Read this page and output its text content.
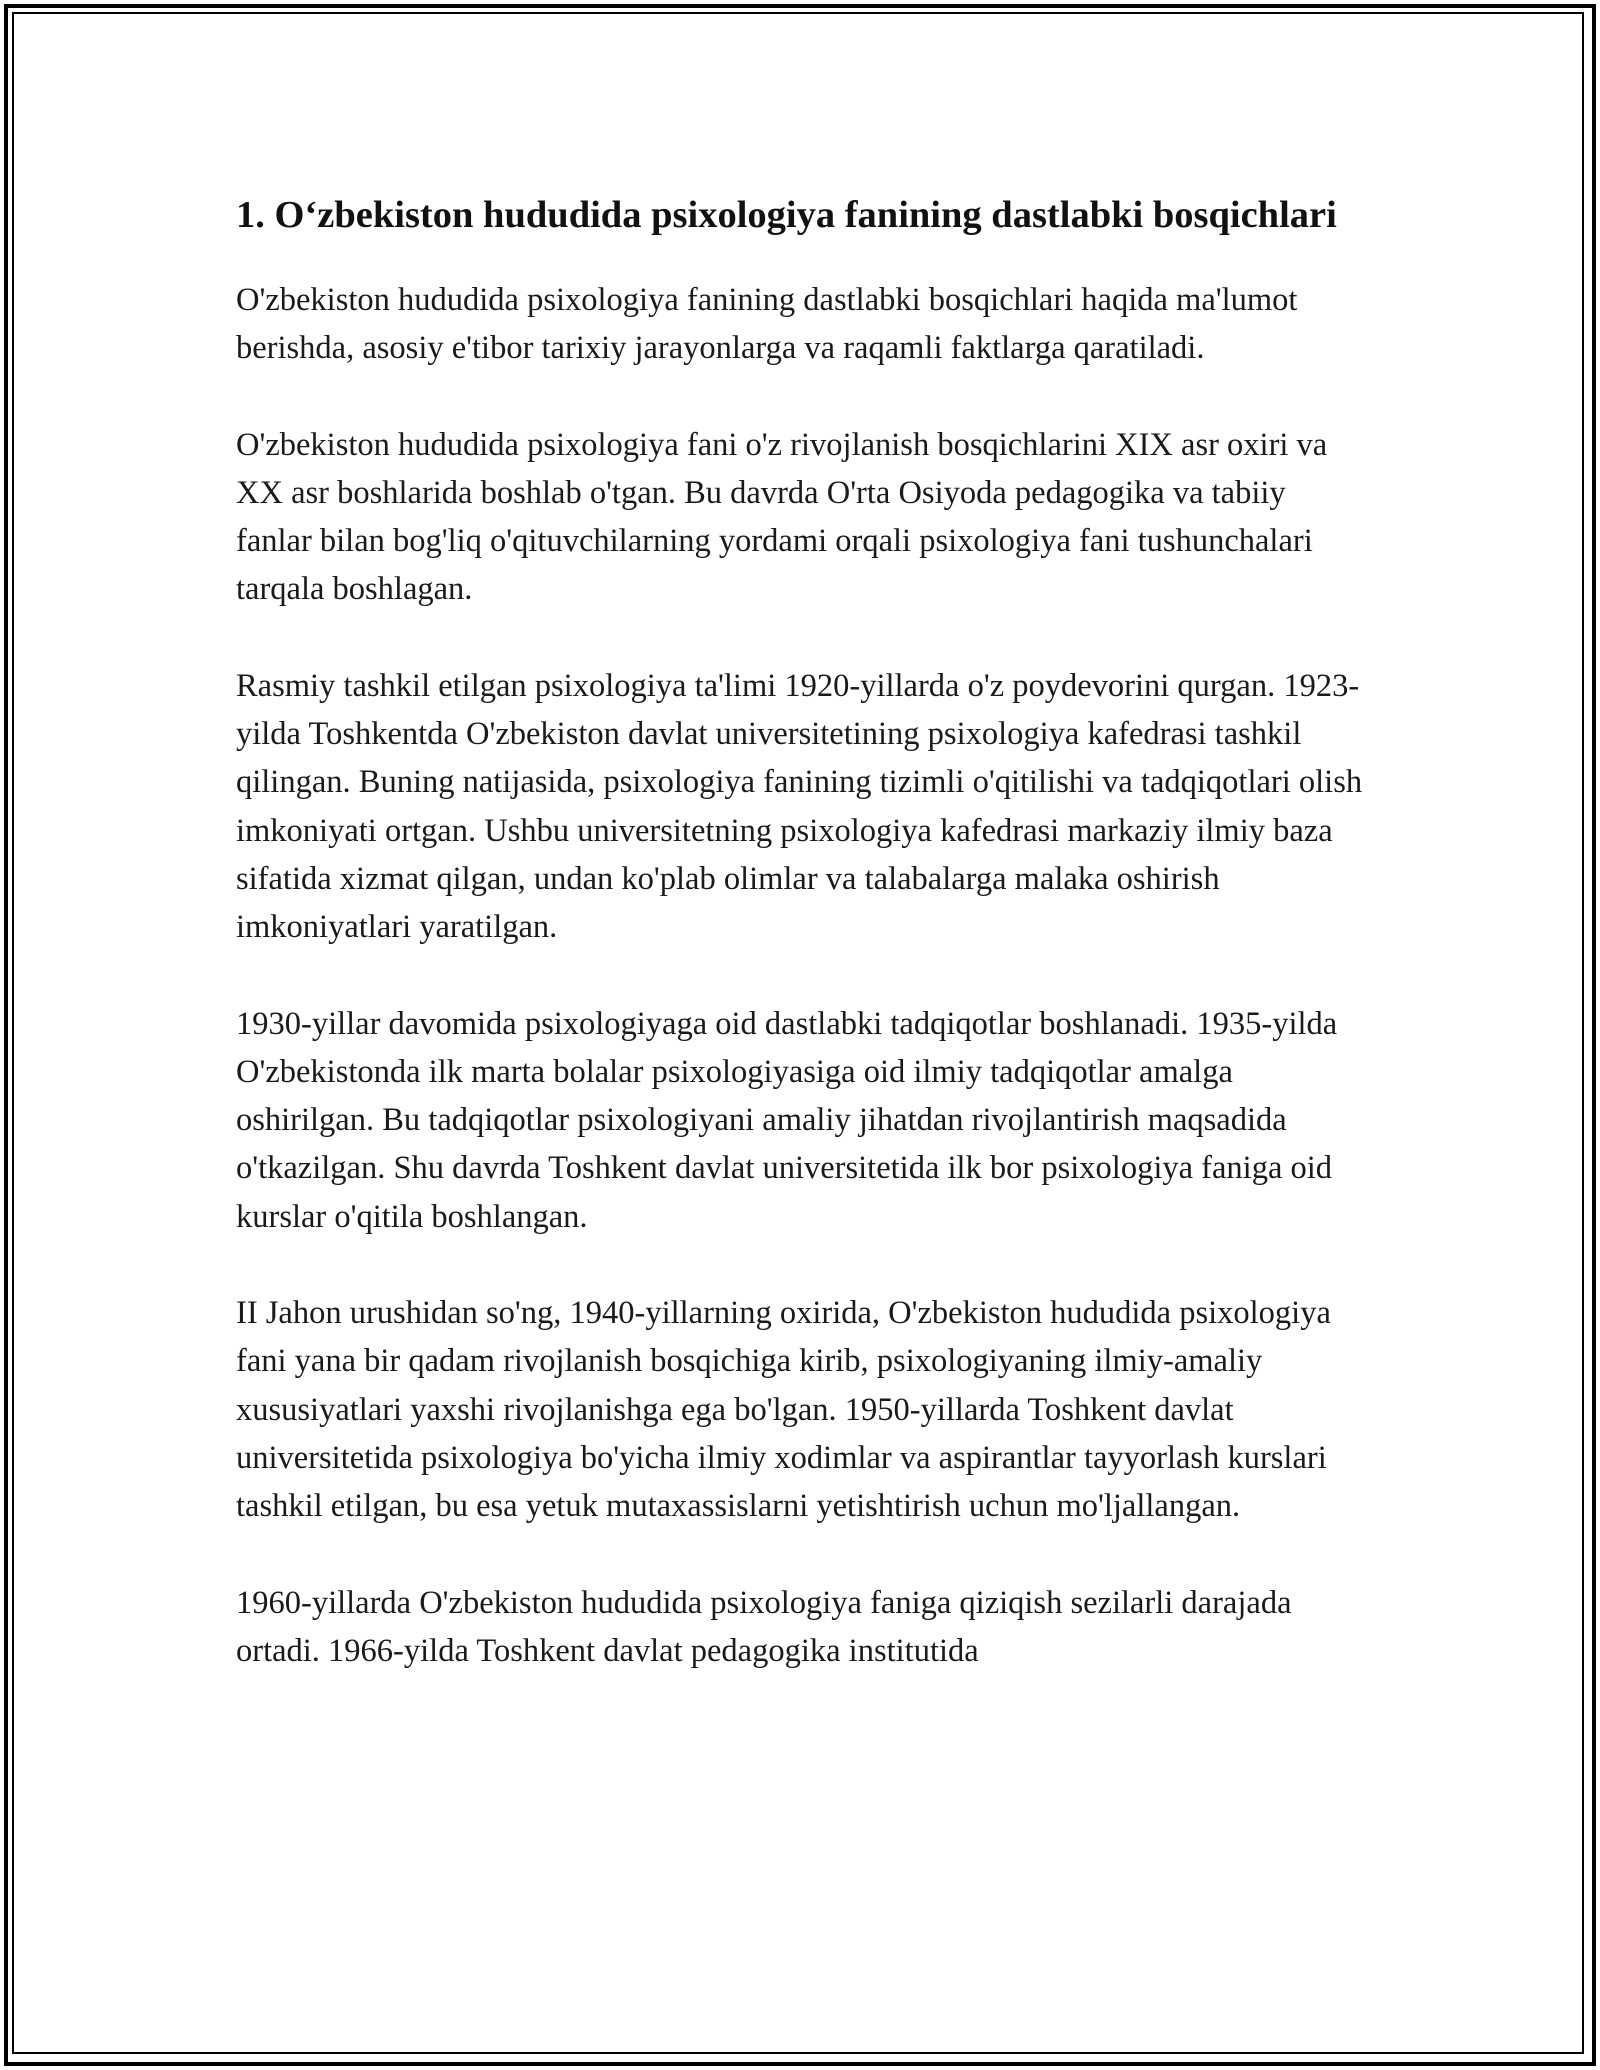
1. O‘zbekiston hududida psixologiya fanining dastlabki bosqichlari

O'zbekiston hududida psixologiya fanining dastlabki bosqichlari haqida ma'lumot berishda, asosiy e'tibor tarixiy jarayonlarga va raqamli faktlarga qaratiladi.

O'zbekiston hududida psixologiya fani o'z rivojlanish bosqichlarini XIX asr oxiri va XX asr boshlarida boshlab o'tgan. Bu davrda O'rta Osiyoda pedagogika va tabiiy fanlar bilan bog'liq o'qituvchilarning yordami orqali psixologiya fani tushunchalari tarqala boshlagan.

Rasmiy tashkil etilgan psixologiya ta'limi 1920-yillarda o'z poydevorini qurgan. 1923-yilda Toshkentda O'zbekiston davlat universitetining psixologiya kafedrasi tashkil qilingan. Buning natijasida, psixologiya fanining tizimli o'qitilishi va tadqiqotlari olish imkoniyati ortgan. Ushbu universitetning psixologiya kafedrasi markaziy ilmiy baza sifatida xizmat qilgan, undan ko'plab olimlar va talabalarga malaka oshirish imkoniyatlari yaratilgan.

1930-yillar davomida psixologiyaga oid dastlabki tadqiqotlar boshlanadi. 1935-yilda O'zbekistonda ilk marta bolalar psixologiyasiga oid ilmiy tadqiqotlar amalga oshirilgan. Bu tadqiqotlar psixologiyani amaliy jihatdan rivojlantirish maqsadida o'tkazilgan. Shu davrda Toshkent davlat universitetida ilk bor psixologiya faniga oid kurslar o'qitila boshlangan.

II Jahon urushidan so'ng, 1940-yillarning oxirida, O'zbekiston hududida psixologiya fani yana bir qadam rivojlanish bosqichiga kirib, psixologiyaning ilmiy-amaliy xususiyatlari yaxshi rivojlanishga ega bo'lgan. 1950-yillarda Toshkent davlat universitetida psixologiya bo'yicha ilmiy xodimlar va aspirantlar tayyorlash kurslari tashkil etilgan, bu esa yetuk mutaxassislarni yetishtirish uchun mo'ljallangan.

1960-yillarda O'zbekiston hududida psixologiya faniga qiziqish sezilarli darajada ortadi. 1966-yilda Toshkent davlat pedagogika institutida
